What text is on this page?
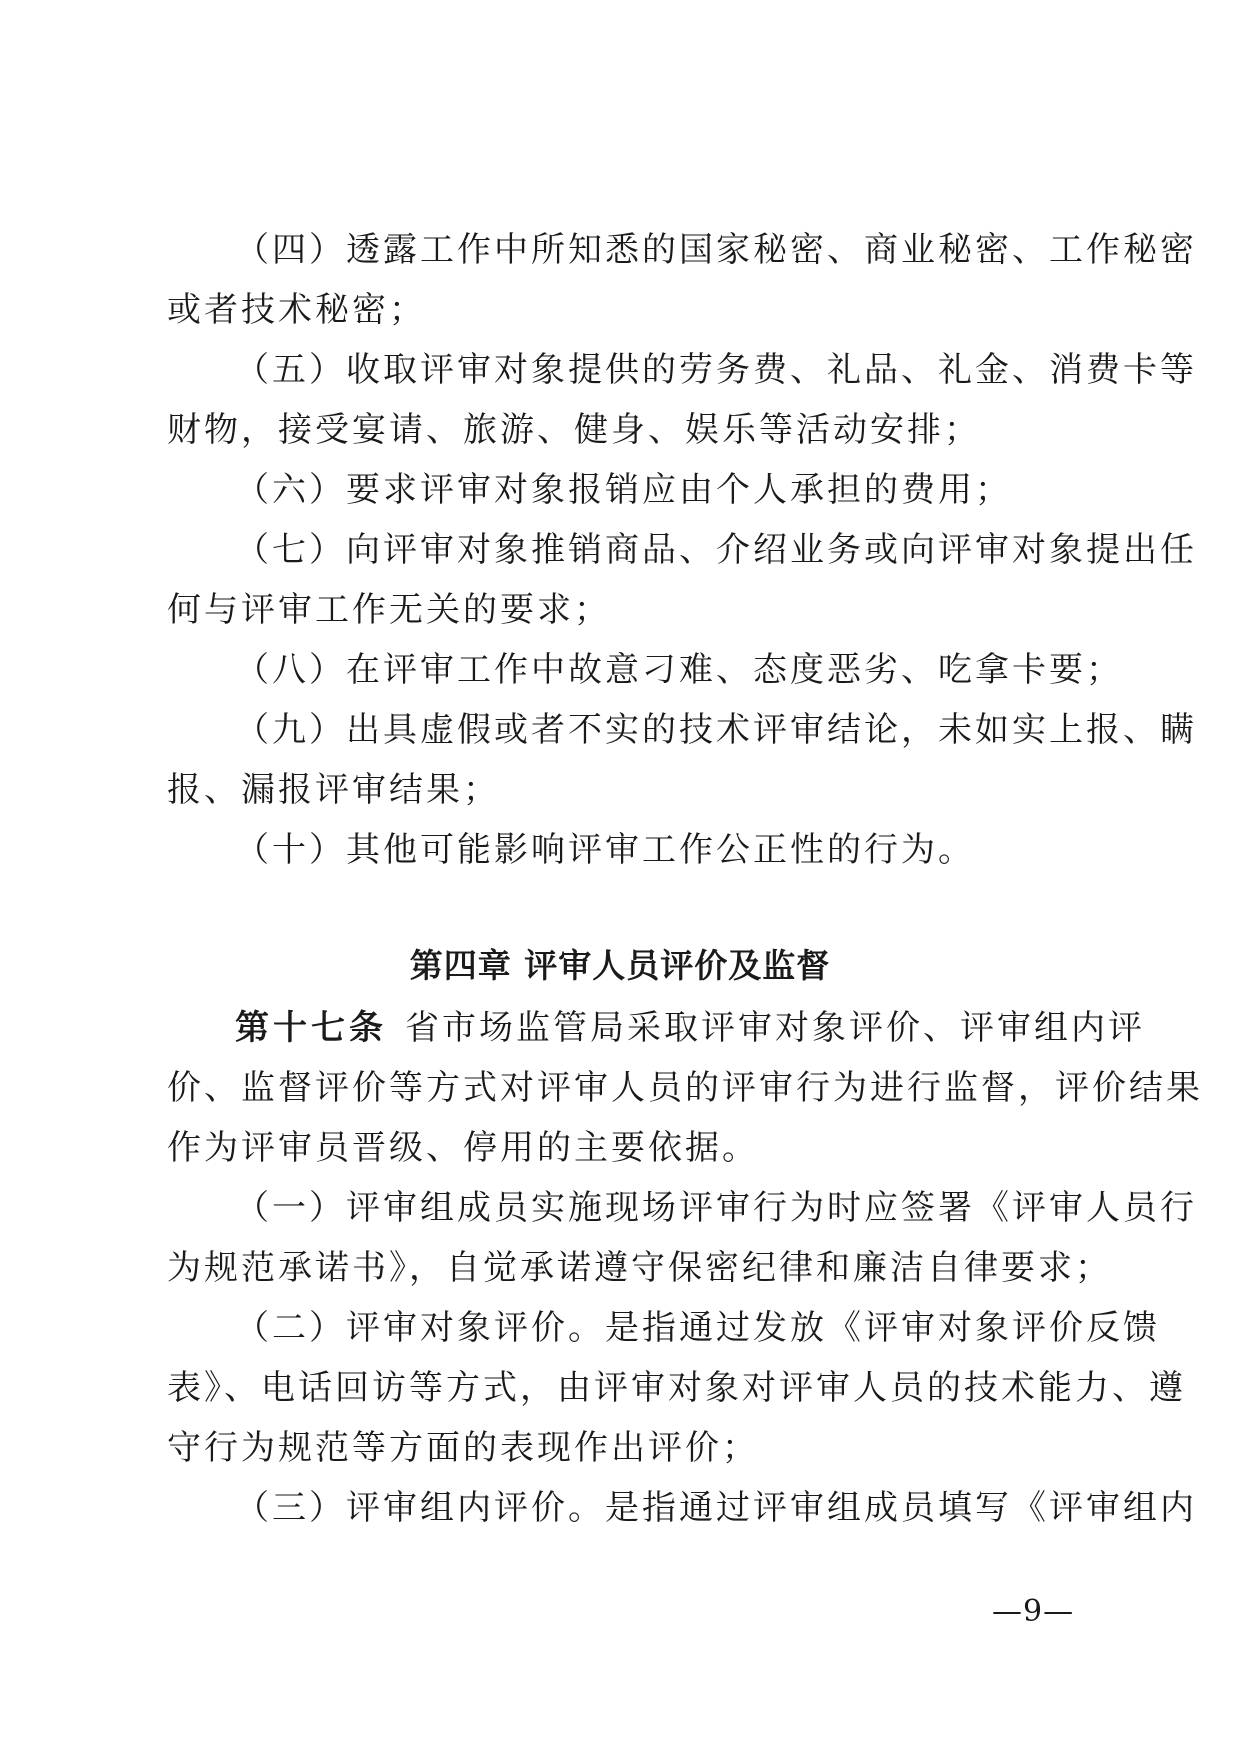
（四）透露工作中所知悉的国家秘密、商业秘密、工作秘密
或者技术秘密；
（五）收取评审对象提供的劳务费、礼品、礼金、消费卡等
财物，接受宴请、旅游、健身、娱乐等活动安排；
（六）要求评审对象报销应由个人承担的费用；
（七）向评审对象推销商品、介绍业务或向评审对象提出任
何与评审工作无关的要求；
（八）在评审工作中故意刁难、态度恶劣、吃拿卡要；
（九）出具虚假或者不实的技术评审结论，未如实上报、瞒
报、漏报评审结果；
（十）其他可能影响评审工作公正性的行为。
第四章 评审人员评价及监督
第十七条 省市场监管局采取评审对象评价、评审组内评
价、监督评价等方式对评审人员的评审行为进行监督，评价结果
作为评审员晋级、停用的主要依据。
（一）评审组成员实施现场评审行为时应签署《评审人员行
为规范承诺书》，自觉承诺遵守保密纪律和廉洁自律要求；
（二）评审对象评价。是指通过发放《评审对象评价反馈
表》、电话回访等方式，由评审对象对评审人员的技术能力、遵
守行为规范等方面的表现作出评价；
（三）评审组内评价。是指通过评审组成员填写《评审组内
—9—
